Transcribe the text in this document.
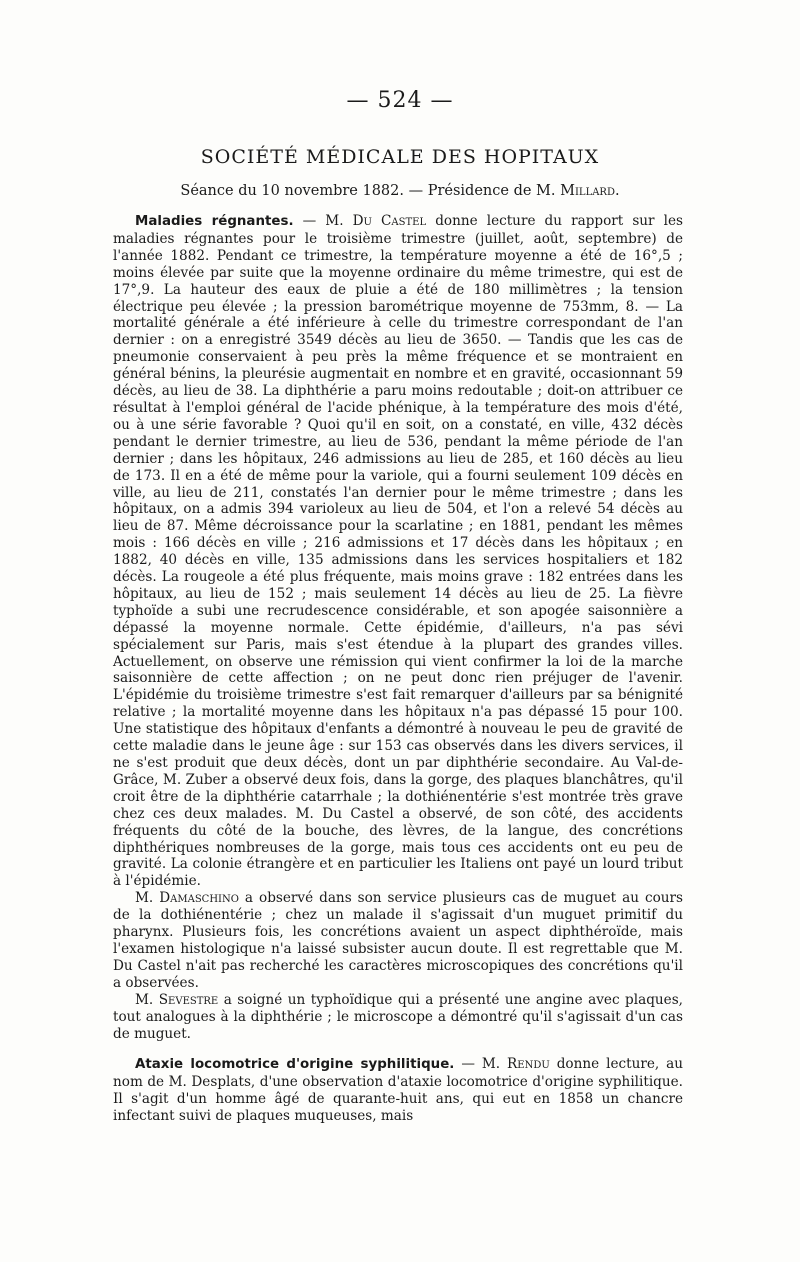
— 524 —
SOCIÉTÉ MÉDICALE DES HOPITAUX
Séance du 10 novembre 1882. — Présidence de M. Millard.

Maladies régnantes. — M. Du Castel donne lecture du rapport sur les maladies régnantes pour le troisième trimestre (juillet, août, septembre) de l'année 1882. Pendant ce trimestre, la température moyenne a été de 16°,5 ; moins élevée par suite que la moyenne ordinaire du même trimestre, qui est de 17°,9. La hauteur des eaux de pluie a été de 180 millimètres ; la tension électrique peu élevée ; la pression barométrique moyenne de 753mm, 8. — La mortalité générale a été inférieure à celle du trimestre correspondant de l'an dernier : on a enregistré 3549 décès au lieu de 3650. — Tandis que les cas de pneumonie conservaient à peu près la même fréquence et se montraient en général bénins, la pleurésie augmentait en nombre et en gravité, occasionnant 59 décès, au lieu de 38. La diphthérie a paru moins redoutable ; doit-on attribuer ce résultat à l'emploi général de l'acide phénique, à la température des mois d'été, ou à une série favorable ? Quoi qu'il en soit, on a constaté, en ville, 432 décès pendant le dernier trimestre, au lieu de 536, pendant la même période de l'an dernier ; dans les hôpitaux, 246 admissions au lieu de 285, et 160 décès au lieu de 173. Il en a été de même pour la variole, qui a fourni seulement 109 décès en ville, au lieu de 211, constatés l'an dernier pour le même trimestre ; dans les hôpitaux, on a admis 394 varioleux au lieu de 504, et l'on a relevé 54 décès au lieu de 87. Même décroissance pour la scarlatine ; en 1881, pendant les mêmes mois : 166 décès en ville ; 216 admissions et 17 décès dans les hôpitaux ; en 1882, 40 décès en ville, 135 admissions dans les services hospitaliers et 182 décès. La rougeole a été plus fréquente, mais moins grave : 182 entrées dans les hôpitaux, au lieu de 152 ; mais seulement 14 décès au lieu de 25. La fièvre typhoïde a subi une recrudescence considérable, et son apogée saisonnière a dépassé la moyenne normale. Cette épidémie, d'ailleurs, n'a pas sévi spécialement sur Paris, mais s'est étendue à la plupart des grandes villes. Actuellement, on observe une rémission qui vient confirmer la loi de la marche saisonnière de cette affection ; on ne peut donc rien préjuger de l'avenir. L'épidémie du troisième trimestre s'est fait remarquer d'ailleurs par sa bénignité relative ; la mortalité moyenne dans les hôpitaux n'a pas dépassé 15 pour 100. Une statistique des hôpitaux d'enfants a démontré à nouveau le peu de gravité de cette maladie dans le jeune âge : sur 153 cas observés dans les divers services, il ne s'est produit que deux décès, dont un par diphthérie secondaire. Au Val-de-Grâce, M. Zuber a observé deux fois, dans la gorge, des plaques blanchâtres, qu'il croit être de la diphthérie catarrhale ; la dothiénentérie s'est montrée très grave chez ces deux malades. M. Du Castel a observé, de son côté, des accidents fréquents du côté de la bouche, des lèvres, de la langue, des concrétions diphthériques nombreuses de la gorge, mais tous ces accidents ont eu peu de gravité. La colonie étrangère et en particulier les Italiens ont payé un lourd tribut à l'épidémie.

M. Damaschino a observé dans son service plusieurs cas de muguet au cours de la dothiénentérie ; chez un malade il s'agissait d'un muguet primitif du pharynx. Plusieurs fois, les concrétions avaient un aspect diphthéroïde, mais l'examen histologique n'a laissé subsister aucun doute. Il est regrettable que M. Du Castel n'ait pas recherché les caractères microscopiques des concrétions qu'il a observées.

M. Sevestre a soigné un typhoïdique qui a présenté une angine avec plaques, tout analogues à la diphthérie ; le microscope a démontré qu'il s'agissait d'un cas de muguet.

Ataxie locomotrice d'origine syphilitique. — M. Rendu donne lecture, au nom de M. Desplats, d'une observation d'ataxie locomotrice d'origine syphilitique. Il s'agit d'un homme âgé de quarante-huit ans, qui eut en 1858 un chancre infectant suivi de plaques muqueuses, mais
